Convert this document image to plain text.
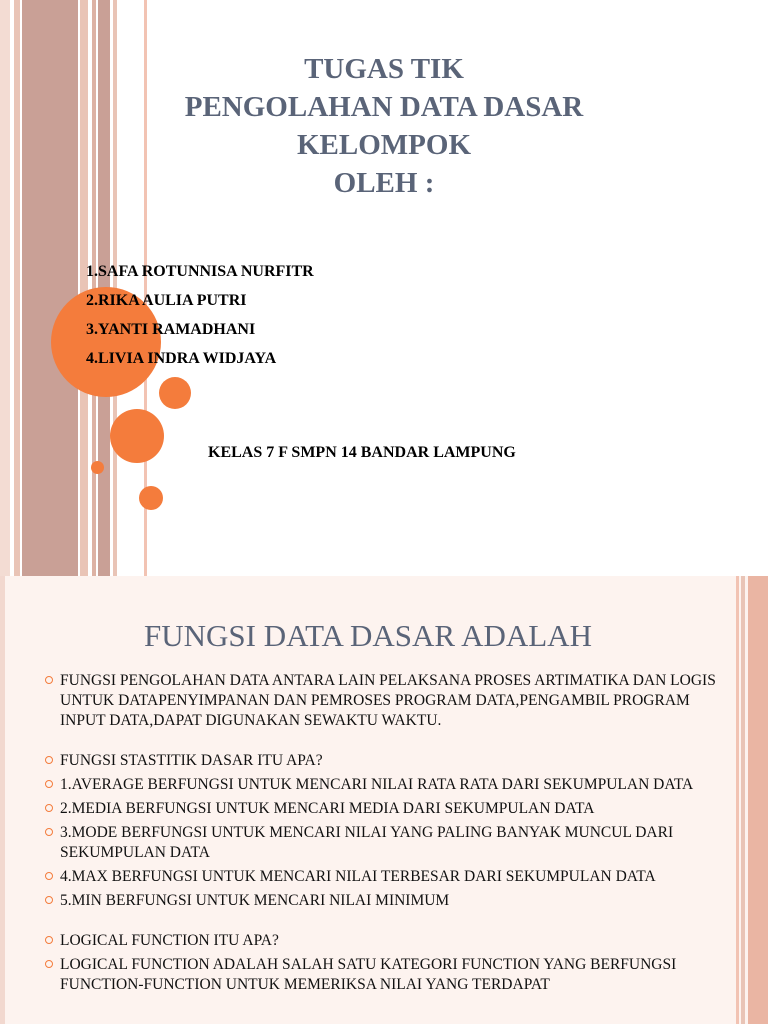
TUGAS TIK
PENGOLAHAN DATA DASAR
KELOMPOK
OLEH :
1.SAFA ROTUNNISA NURFITR
2.RIKA AULIA PUTRI
3.YANTI RAMADHANI
4.LIVIA INDRA WIDJAYA

KELAS 7 F SMPN 14 BANDAR LAMPUNG

FUNGSI DATA DASAR ADALAH
FUNGSI PENGOLAHAN DATA ANTARA LAIN PELAKSANA PROSES ARTIMATIKA DAN LOGIS UNTUK DATAPENYIMPANAN DAN PEMROSES PROGRAM DATA,PENGAMBIL PROGRAM INPUT DATA,DAPAT DIGUNAKAN SEWAKTU WAKTU.
FUNGSI STASTITIK DASAR ITU APA?
1.AVERAGE BERFUNGSI UNTUK MENCARI NILAI RATA RATA DARI SEKUMPULAN DATA
2.MEDIA BERFUNGSI UNTUK MENCARI MEDIA DARI SEKUMPULAN DATA
3.MODE BERFUNGSI UNTUK MENCARI NILAI YANG PALING BANYAK MUNCUL DARI SEKUMPULAN DATA
4.MAX BERFUNGSI UNTUK MENCARI NILAI TERBESAR DARI SEKUMPULAN DATA
5.MIN BERFUNGSI UNTUK MENCARI NILAI MINIMUM
LOGICAL FUNCTION ITU APA?
LOGICAL FUNCTION ADALAH SALAH SATU KATEGORI FUNCTION YANG BERFUNGSI FUNCTION-FUNCTION UNTUK MEMERIKSA NILAI YANG TERDAPAT
